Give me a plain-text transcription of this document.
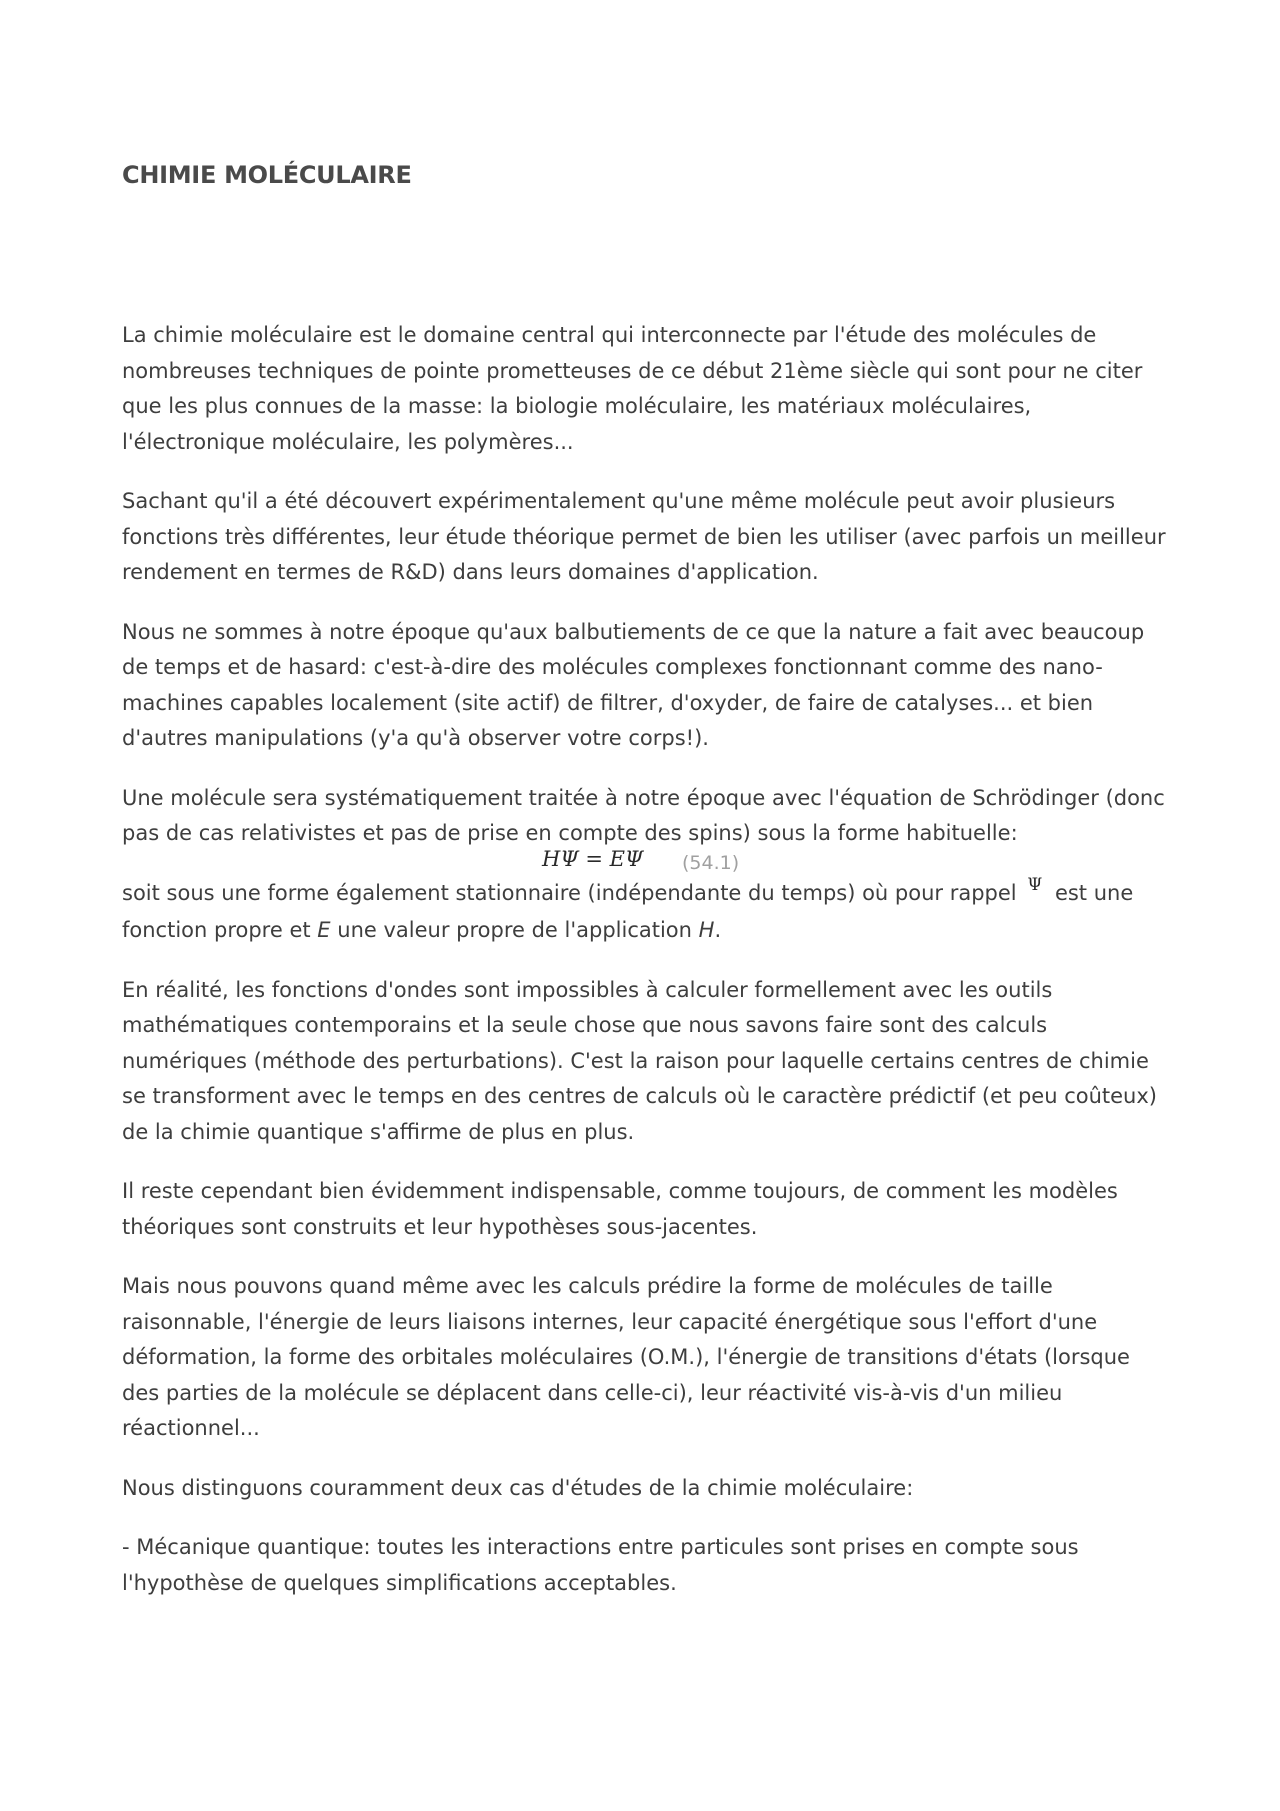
CHIMIE MOLÉCULAIRE

La chimie moléculaire est le domaine central qui interconnecte par l'étude des molécules de nombreuses techniques de pointe prometteuses de ce début 21ème siècle qui sont pour ne citer que les plus connues de la masse: la biologie moléculaire, les matériaux moléculaires, l'électronique moléculaire, les polymères...

Sachant qu'il a été découvert expérimentalement qu'une même molécule peut avoir plusieurs fonctions très différentes, leur étude théorique permet de bien les utiliser (avec parfois un meilleur rendement en termes de R&D) dans leurs domaines d'application.

Nous ne sommes à notre époque qu'aux balbutiements de ce que la nature a fait avec beaucoup de temps et de hasard: c'est-à-dire des molécules complexes fonctionnant comme des nano-machines capables localement (site actif) de filtrer, d'oxyder, de faire de catalyses... et bien d'autres manipulations (y'a qu'à observer votre corps!).

Une molécule sera systématiquement traitée à notre époque avec l'équation de Schrödinger (donc pas de cas relativistes et pas de prise en compte des spins) sous la forme habituelle:

HΨ = EΨ (54.1)

soit sous une forme également stationnaire (indépendante du temps) où pour rappel Ψ est une fonction propre et E une valeur propre de l'application H.

En réalité, les fonctions d'ondes sont impossibles à calculer formellement avec les outils mathématiques contemporains et la seule chose que nous savons faire sont des calculs numériques (méthode des perturbations). C'est la raison pour laquelle certains centres de chimie se transforment avec le temps en des centres de calculs où le caractère prédictif (et peu coûteux) de la chimie quantique s'affirme de plus en plus.

Il reste cependant bien évidemment indispensable, comme toujours, de comment les modèles théoriques sont construits et leur hypothèses sous-jacentes.

Mais nous pouvons quand même avec les calculs prédire la forme de molécules de taille raisonnable, l'énergie de leurs liaisons internes, leur capacité énergétique sous l'effort d'une déformation, la forme des orbitales moléculaires (O.M.), l'énergie de transitions d'états (lorsque des parties de la molécule se déplacent dans celle-ci), leur réactivité vis-à-vis d'un milieu réactionnel...

Nous distinguons couramment deux cas d'études de la chimie moléculaire:

- Mécanique quantique: toutes les interactions entre particules sont prises en compte sous l'hypothèse de quelques simplifications acceptables.
